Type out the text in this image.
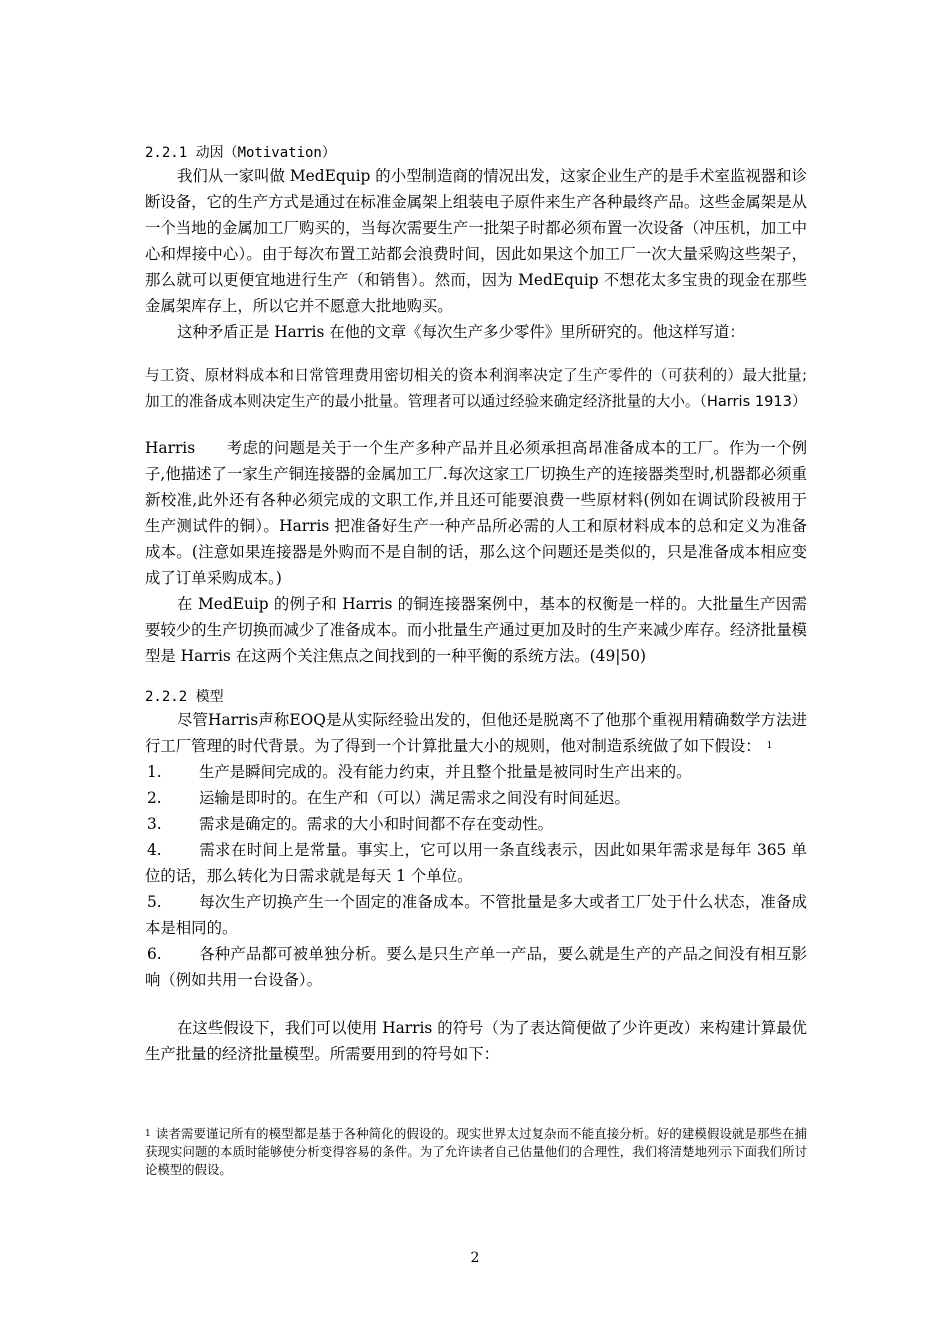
2.2.1 动因（Motivation）

我们从一家叫做 MedEquip 的小型制造商的情况出发，这家企业生产的是手术室监视器和诊断设备，它的生产方式是通过在标准金属架上组装电子原件来生产各种最终产品。这些金属架是从一个当地的金属加工厂购买的，当每次需要生产一批架子时都必须布置一次设备（冲压机，加工中心和焊接中心）。由于每次布置工站都会浪费时间，因此如果这个加工厂一次大量采购这些架子，那么就可以更便宜地进行生产（和销售）。然而，因为 MedEquip 不想花太多宝贵的现金在那些金属架库存上，所以它并不愿意大批地购买。

这种矛盾正是 Harris 在他的文章《每次生产多少零件》里所研究的。他这样写道：

与工资、原材料成本和日常管理费用密切相关的资本利润率决定了生产零件的（可获利的）最大批量; 加工的准备成本则决定生产的最小批量。管理者可以通过经验来确定经济批量的大小。（Harris 1913）

Harris　　考虑的问题是关于一个生产多种产品并且必须承担高昂准备成本的工厂。作为一个例子,他描述了一家生产铜连接器的金属加工厂.每次这家工厂切换生产的连接器类型时,机器都必须重新校准,此外还有各种必须完成的文职工作,并且还可能要浪费一些原材料(例如在调试阶段被用于生产测试件的铜）。Harris 把准备好生产一种产品所必需的人工和原材料成本的总和定义为准备成本。(注意如果连接器是外购而不是自制的话，那么这个问题还是类似的，只是准备成本相应变成了订单采购成本。)

在 MedEuip 的例子和 Harris 的铜连接器案例中，基本的权衡是一样的。大批量生产因需要较少的生产切换而减少了准备成本。而小批量生产通过更加及时的生产来减少库存。经济批量模型是 Harris 在这两个关注焦点之间找到的一种平衡的系统方法。(49|50)

2.2.2 模型

尽管Harris声称EOQ是从实际经验出发的，但他还是脱离不了他那个重视用精确数学方法进行工厂管理的时代背景。为了得到一个计算批量大小的规则，他对制造系统做了如下假设： $^1$

1. 生产是瞬间完成的。没有能力约束，并且整个批量是被同时生产出来的。

2. 运输是即时的。在生产和（可以）满足需求之间没有时间延迟。

3. 需求是确定的。需求的大小和时间都不存在变动性。

4. 需求在时间上是常量。事实上，它可以用一条直线表示，因此如果年需求是每年 365 单位的话，那么转化为日需求就是每天 1 个单位。

5. 每次生产切换产生一个固定的准备成本。不管批量是多大或者工厂处于什么状态，准备成本是相同的。

6. 各种产品都可被单独分析。要么是只生产单一产品，要么就是生产的产品之间没有相互影响（例如共用一台设备）。

在这些假设下，我们可以使用 Harris 的符号（为了表达简便做了少许更改）来构建计算最优生产批量的经济批量模型。所需要用到的符号如下：

$^1$ 读者需要谨记所有的模型都是基于各种简化的假设的。现实世界太过复杂而不能直接分析。好的建模假设就是那些在捕获现实问题的本质时能够使分析变得容易的条件。为了允许读者自己估量他们的合理性，我们将清楚地列示下面我们所讨论模型的假设。

2
